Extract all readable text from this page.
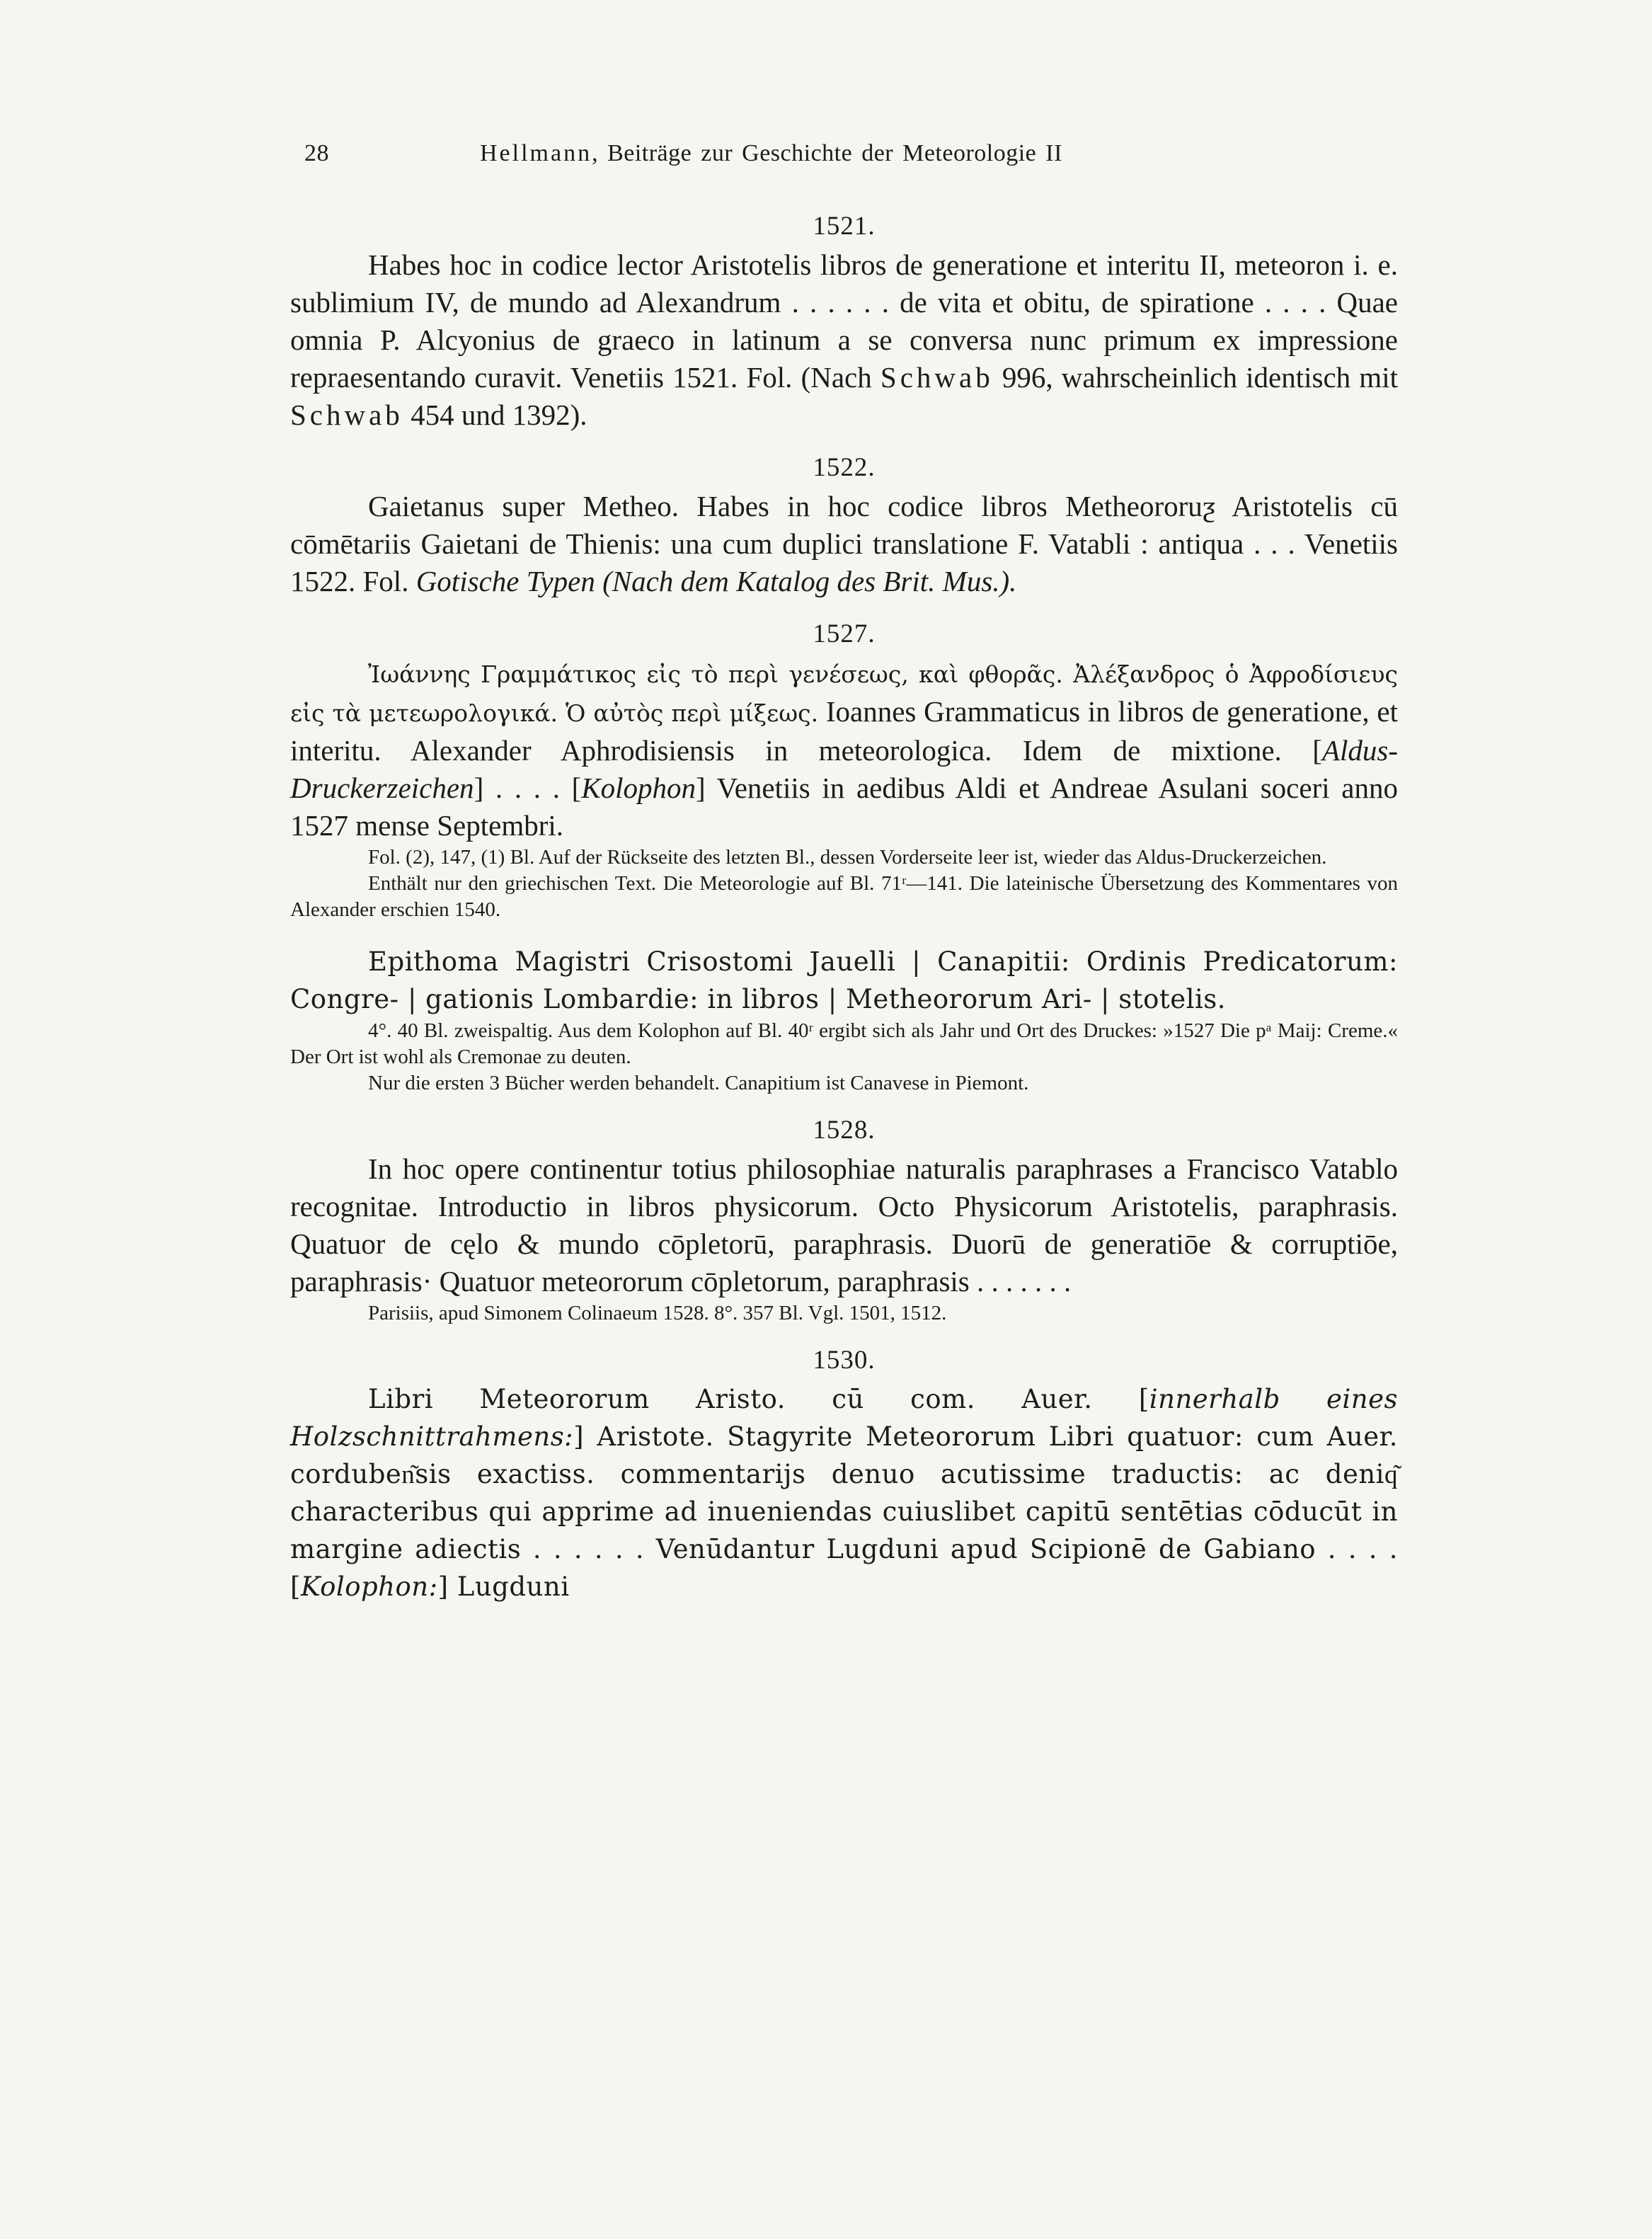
28	Hellmann, Beiträge zur Geschichte der Meteorologie II

1521.

Habes hoc in codice lector Aristotelis libros de generatione et interitu II, meteoron i. e. sublimium IV, de mundo ad Alexandrum . . . . . . de vita et obitu, de spiratione . . . . Quae omnia P. Alcyonius de graeco in latinum a se conversa nunc primum ex impressione repraesentando curavit. Venetiis 1521. Fol. (Nach Schwab 996, wahrscheinlich identisch mit Schwab 454 und 1392).

1522.

Gaietanus super Metheo. Habes in hoc codice libros Metheororuƺ Aristotelis cū cōmētariis Gaietani de Thienis: una cum duplici translatione F. Vatabli : antiqua . . . Venetiis 1522. Fol. Gotische Typen (Nach dem Katalog des Brit. Mus.).

1527.

Ἰωάννης Γραμμάτικος εἰς τὸ περὶ γενέσεως, καὶ φθορᾶς. Ἀλέξανδρος ὁ Ἀφροδίσιευς εἰς τὰ μετεωρολογικά. Ὁ αὐτὸς περὶ μίξεως. Ioannes Grammaticus in libros de generatione, et interitu. Alexander Aphrodisiensis in meteorologica. Idem de mixtione. [Aldus-Druckerzeichen] . . . . [Kolophon] Venetiis in aedibus Aldi et Andreae Asulani soceri anno 1527 mense Septembri.

Fol. (2), 147, (1) Bl. Auf der Rückseite des letzten Bl., dessen Vorderseite leer ist, wieder das Aldus-Druckerzeichen.

Enthält nur den griechischen Text. Die Meteorologie auf Bl. 71ʳ—141. Die lateinische Übersetzung des Kommentares von Alexander erschien 1540.

Epithoma Magistri Crisostomi Jauelli | Canapitii: Ordinis Predicatorum: Congre- | gationis Lombardie: in libros | Metheororum Ari- | stotelis.

4°. 40 Bl. zweispaltig. Aus dem Kolophon auf Bl. 40ʳ ergibt sich als Jahr und Ort des Druckes: »1527 Die pᵃ Maij: Creme.« Der Ort ist wohl als Cremonae zu deuten.

Nur die ersten 3 Bücher werden behandelt. Canapitium ist Canavese in Piemont.

1528.

In hoc opere continentur totius philosophiae naturalis paraphrases a Francisco Vatablo recognitae. Introductio in libros physicorum. Octo Physicorum Aristotelis, paraphrasis. Quatuor de cęlo & mundo cōpletorū, paraphrasis. Duorū de generatiōe & corruptiōe, paraphrasis· Quatuor meteororum cōpletorum, paraphrasis . . . . . . .

Parisiis, apud Simonem Colinaeum 1528. 8°. 357 Bl. Vgl. 1501, 1512.

1530.

Libri Meteororum Aristo. cū com. Auer. [innerhalb eines Holzschnittrahmens:] Aristote. Stagyrite Meteororum Libri quatuor: cum Auer. corduben͂sis exactiss. commentarijs denuo acutissime traductis: ac deniq͂ characteribus qui apprime ad inueniendas cuiuslibet capitū sentētias cōducūt in margine adiectis . . . . . . Venūdantur Lugduni apud Scipionē de Gabiano . . . . [Kolophon:] Lugduni
